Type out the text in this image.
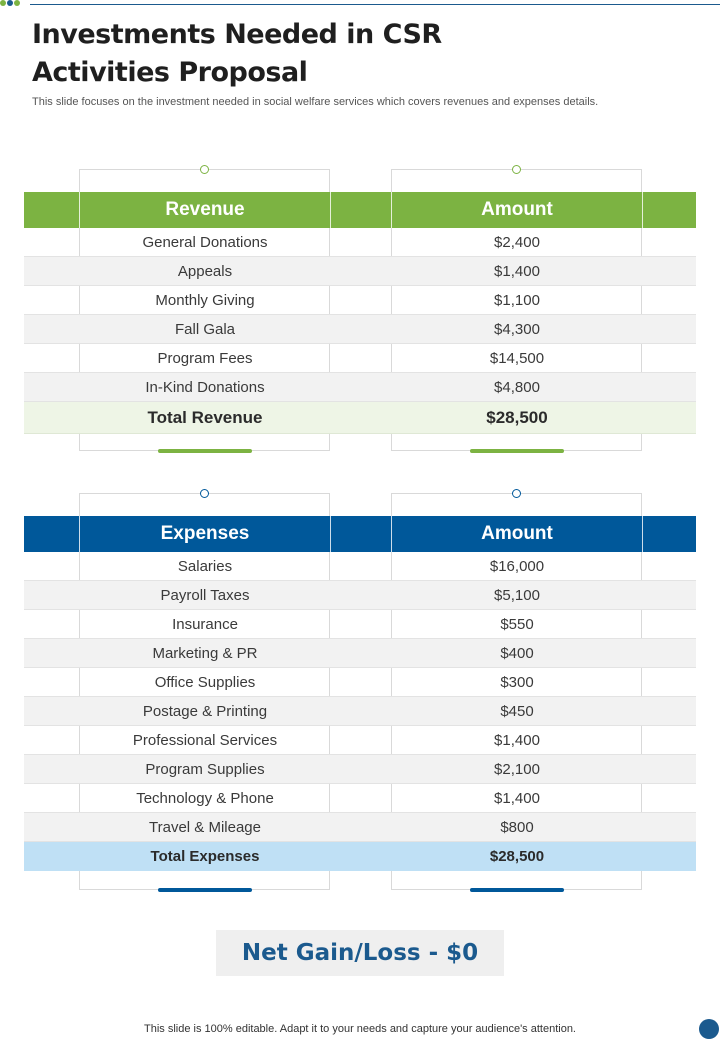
Investments Needed in CSR Activities Proposal

This slide focuses on the investment needed in social welfare services which covers revenues and expenses details.

Revenue	Amount
General Donations	$2,400
Appeals	$1,400
Monthly Giving	$1,100
Fall Gala	$4,300
Program Fees	$14,500
In-Kind Donations	$4,800
Total Revenue	$28,500
Expenses	Amount
Salaries	$16,000
Payroll Taxes	$5,100
Insurance	$550
Marketing & PR	$400
Office Supplies	$300
Postage & Printing	$450
Professional Services	$1,400
Program Supplies	$2,100
Technology & Phone	$1,400
Travel & Mileage	$800
Total Expenses	$28,500
Net Gain/Loss - $0
This slide is 100% editable. Adapt it to your needs and capture your audience's attention.
